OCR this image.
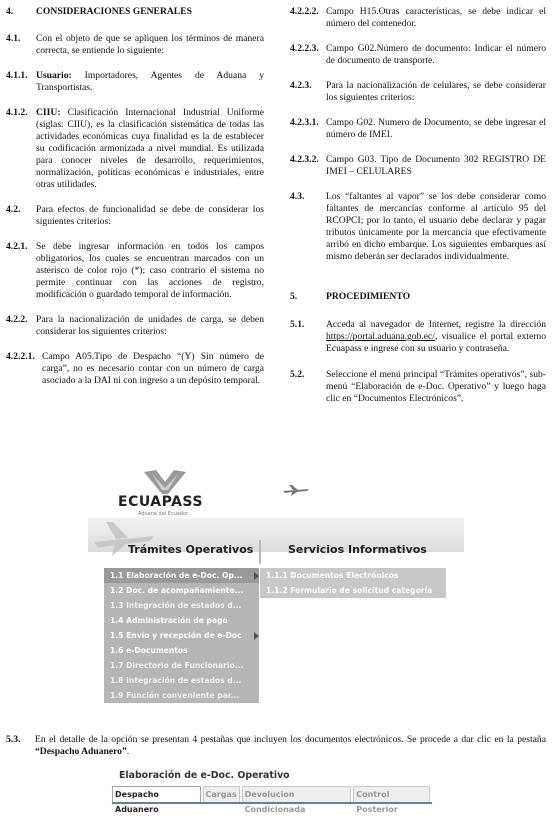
4.	CONSIDERACIONES GENERALES
4.1.	Con el objeto de que se apliquen los términos de manera correcta, se entiende lo siguiente:
4.1.1. Usuario: Importadores, Agentes de Aduana y Transportistas.
4.1.2. CIIU: Clasificación Internacional Industrial Uniforme (siglas: CIIU), es la clasificación sistemática de todas las actividades económicas cuya finalidad es la de establecer su codificación armonizada a nivel mundial. Es utilizada para conocer niveles de desarrollo, requerimientos, normalización, políticas económicas e industriales, entre otras utilidades.
4.2.	Para efectos de funcionalidad se debe de considerar los siguientes criterios:
4.2.1. Se debe ingresar información en todos los campos obligatorios, los cuales se encuentran marcados con un asterisco de color rojo (*); caso contrario el sistema no permite continuar con las acciones de registro, modificación o guardado temporal de información.
4.2.2. Para la nacionalización de unidades de carga, se deben considerar los siguientes criterios:
4.2.2.1. Campo A05.Tipo de Despacho “(Y) Sin número de carga”, no es necesario contar con un número de carga asociado a la DAI ni con ingreso a un depósito temporal.
4.2.2.2. Campo H15.Otras características, se debe indicar el número del contenedor.
4.2.2.3. Campo G02.Número de documento: Indicar el número de documento de transporte.
4.2.3.	Para la nacionalización de celulares, se debe considerar los siguientes criterios:
4.2.3.1. Campo G02. Numero de Documento, se debe ingresar el número de IMEI.
4.2.3.2. Campo G03. Tipo de Documento 302 REGISTRO DE IMEI – CELULARES
4.3.	Los “faltantes al vapor” se los debe considerar como faltantes de mercancías conforme al artículo 95 del RCOPCI; por lo tanto, el usuario debe declarar y pagar tributos únicamente por la mercancía que efectivamente arribó en dicho embarque. Los siguientes embarques así mismo deberán ser declarados individualmente.
5.	PROCEDIMIENTO
5.1.	Acceda al navegador de Internet, registre la dirección https://portal.aduana.gob.ec/, visualice el portal externo Ecuapass e ingrese con su usuario y contraseña.
5.2.	Seleccione el menú principal “Trámites operativos”, sub-menú “Elaboración de e-Doc. Operativo” y luego haga clic en “Documentos Electrónicos”.
ECUAPASS
Aduana del Ecuador
Trámites Operativos	Servicios Informativos
1.1 Elaboración de e-Doc. Op...
1.2 Doc. de acompañamiento...
1.3 Integración de estados d...
1.4 Administración de pago
1.5 Envío y recepción de e-Doc
1.6 e-Documentos
1.7 Directorio de Funcionario...
1.8 Integración de estados d...
1.9 Función conveniente par...
1.1.1 Documentos Electrónicos
1.1.2 Formulario de solicitud categoría
5.3.	En el detalle de la opción se presentan 4 pestañas que incluyen los documentos electrónicos. Se procede a dar clic en la pestaña “Despacho Aduanero”.
Elaboración de e-Doc. Operativo
Despacho Aduanero
Cargas	Devolucion Condicionada
Control Posterior
